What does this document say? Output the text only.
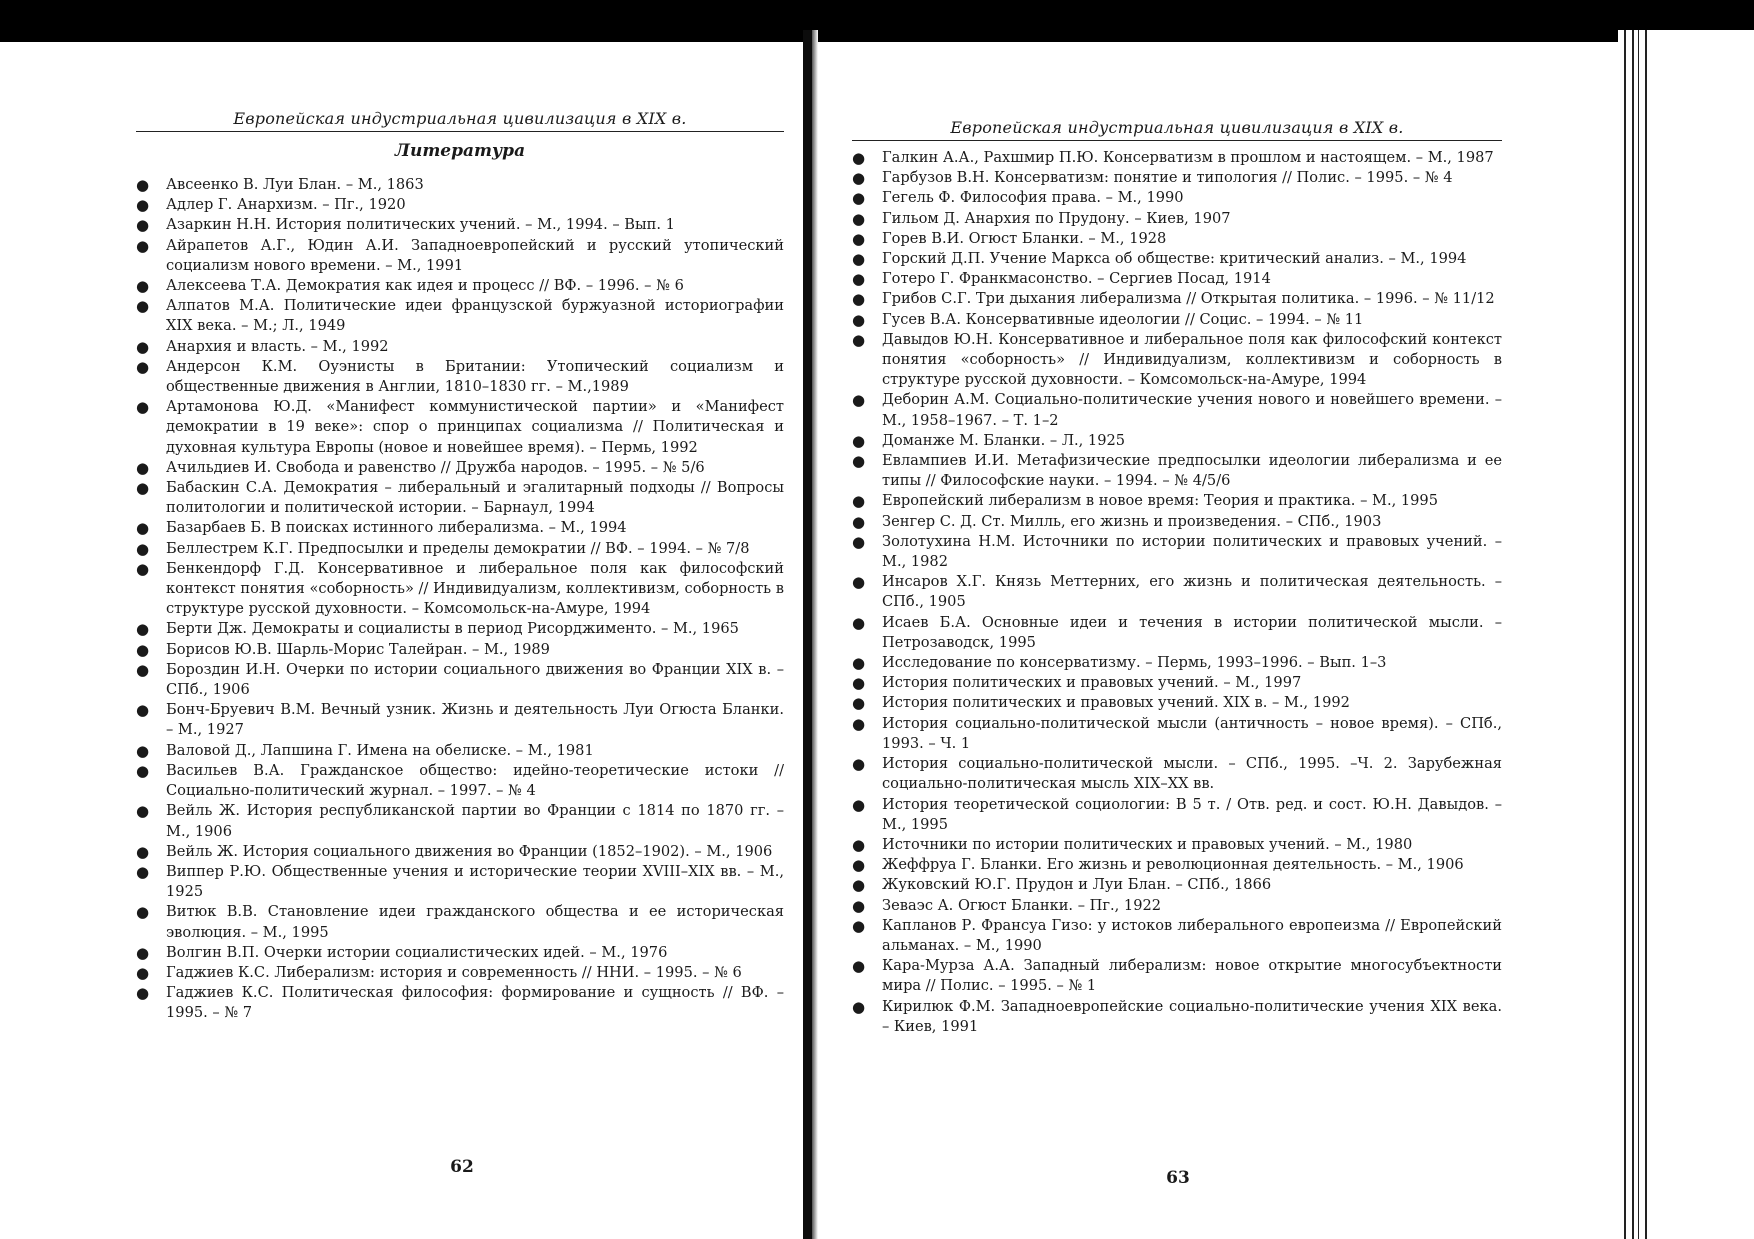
Европейская индустриальная цивилизация в XIX в.
Литература
● Авсеенко В. Луи Блан. – М., 1863
● Адлер Г. Анархизм. – Пг., 1920
● Азаркин Н.Н. История политических учений. – М., 1994. – Вып. 1
● Айрапетов А.Г., Юдин А.И. Западноевропейский и русский утопический социализм нового времени. – М., 1991
● Алексеева Т.А. Демократия как идея и процесс // ВФ. – 1996. – № 6
● Алпатов М.А. Политические идеи французской буржуазной историографии XIX века. – М.; Л., 1949
● Анархия и власть. – М., 1992
● Андерсон К.М. Оуэнисты в Британии: Утопический социализм и общественные движения в Англии, 1810–1830 гг. – М.,1989
● Артамонова Ю.Д. «Манифест коммунистической партии» и «Манифест демократии в 19 веке»: спор о принципах социализма // Политическая и духовная культура Европы (новое и новейшее время). – Пермь, 1992
● Ачильдиев И. Свобода и равенство // Дружба народов. – 1995. – № 5/6
● Бабаскин С.А. Демократия – либеральный и эгалитарный подходы // Вопросы политологии и политической истории. – Барнаул, 1994
● Базарбаев Б. В поисках истинного либерализма. – М., 1994
● Беллестрем К.Г. Предпосылки и пределы демократии // ВФ. – 1994. – № 7/8
● Бенкендорф Г.Д. Консервативное и либеральное поля как философский контекст понятия «соборность» // Индивидуализм, коллективизм, соборность в структуре русской духовности. – Комсомольск-на-Амуре, 1994
● Берти Дж. Демократы и социалисты в период Рисорджименто. – М., 1965
● Борисов Ю.В. Шарль-Морис Талейран. – М., 1989
● Бороздин И.Н. Очерки по истории социального движения во Франции XIX в. – СПб., 1906
● Бонч-Бруевич В.М. Вечный узник. Жизнь и деятельность Луи Огюста Бланки. – М., 1927
● Валовой Д., Лапшина Г. Имена на обелиске. – М., 1981
● Васильев В.А. Гражданское общество: идейно-теоретические истоки // Социально-политический журнал. – 1997. – № 4
● Вейль Ж. История республиканской партии во Франции с 1814 по 1870 гг. – М., 1906
● Вейль Ж. История социального движения во Франции (1852–1902). – М., 1906
● Виппер Р.Ю. Общественные учения и исторические теории XVIII–XIX вв. – М., 1925
● Витюк В.В. Становление идеи гражданского общества и ее историческая эволюция. – М., 1995
● Волгин В.П. Очерки истории социалистических идей. – М., 1976
● Гаджиев К.С. Либерализм: история и современность // ННИ. – 1995. – № 6
● Гаджиев К.С. Политическая философия: формирование и сущность // ВФ. – 1995. – № 7
62
Европейская индустриальная цивилизация в XIX в.
● Галкин А.А., Рахшмир П.Ю. Консерватизм в прошлом и настоящем. – М., 1987
● Гарбузов В.Н. Консерватизм: понятие и типология // Полис. – 1995. – № 4
● Гегель Ф. Философия права. – М., 1990
● Гильом Д. Анархия по Прудону. – Киев, 1907
● Горев В.И. Огюст Бланки. – М., 1928
● Горский Д.П. Учение Маркса об обществе: критический анализ. – М., 1994
● Готеро Г. Франкмасонство. – Сергиев Посад, 1914
● Грибов С.Г. Три дыхания либерализма // Открытая политика. – 1996. – № 11/12
● Гусев В.А. Консервативные идеологии // Социс. – 1994. – № 11
● Давыдов Ю.Н. Консервативное и либеральное поля как философский контекст понятия «соборность» // Индивидуализм, коллективизм и соборность в структуре русской духовности. – Комсомольск-на-Амуре, 1994
● Деборин А.М. Социально-политические учения нового и новейшего времени. – М., 1958–1967. – Т. 1–2
● Доманже М. Бланки. – Л., 1925
● Евлампиев И.И. Метафизические предпосылки идеологии либерализма и ее типы // Философские науки. – 1994. – № 4/5/6
● Европейский либерализм в новое время: Теория и практика. – М., 1995
● Зенгер С. Д. Ст. Милль, его жизнь и произведения. – СПб., 1903
● Золотухина Н.М. Источники по истории политических и правовых учений. – М., 1982
● Инсаров Х.Г. Князь Меттерних, его жизнь и политическая деятельность. – СПб., 1905
● Исаев Б.А. Основные идеи и течения в истории политической мысли. – Петрозаводск, 1995
● Исследование по консерватизму. – Пермь, 1993–1996. – Вып. 1–3
● История политических и правовых учений. – М., 1997
● История политических и правовых учений. XIX в. – М., 1992
● История социально-политической мысли (античность – новое время). – СПб., 1993. – Ч. 1
● История социально-политической мысли. – СПб., 1995. –Ч. 2. Зарубежная социально-политическая мысль XIX–XX вв.
● История теоретической социологии: В 5 т. / Отв. ред. и сост. Ю.Н. Давыдов. – М., 1995
● Источники по истории политических и правовых учений. – М., 1980
● Жеффруа Г. Бланки. Его жизнь и революционная деятельность. – М., 1906
● Жуковский Ю.Г. Прудон и Луи Блан. – СПб., 1866
● Зеваэс А. Огюст Бланки. – Пг., 1922
● Капланов Р. Франсуа Гизо: у истоков либерального европеизма // Европейский альманах. – М., 1990
● Кара-Мурза А.А. Западный либерализм: новое открытие многосубъектности мира // Полис. – 1995. – № 1
● Кирилюк Ф.М. Западноевропейские социально-политические учения XIX века. – Киев, 1991
63
